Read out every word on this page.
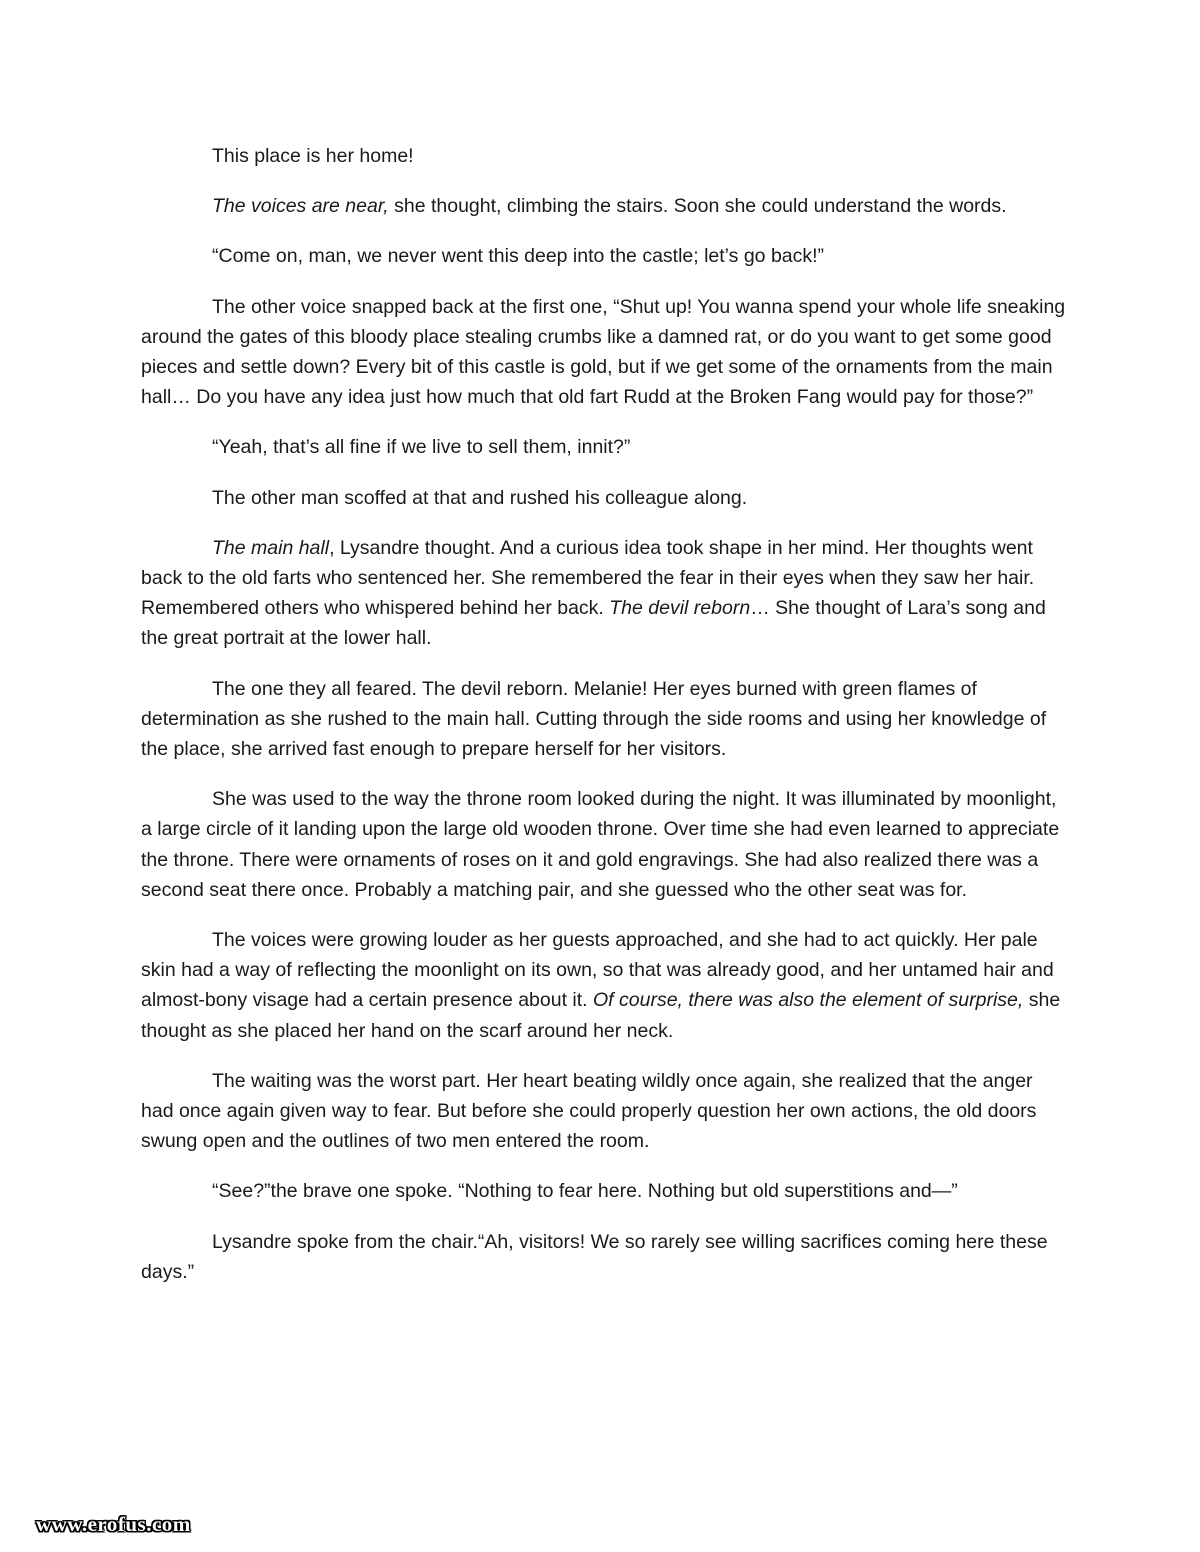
This place is her home!

The voices are near, she thought, climbing the stairs. Soon she could understand the words.

“Come on, man, we never went this deep into the castle; let’s go back!”

The other voice snapped back at the first one, “Shut up! You wanna spend your whole life sneaking around the gates of this bloody place stealing crumbs like a damned rat, or do you want to get some good pieces and settle down? Every bit of this castle is gold, but if we get some of the ornaments from the main hall… Do you have any idea just how much that old fart Rudd at the Broken Fang would pay for those?”

“Yeah, that’s all fine if we live to sell them, innit?”

The other man scoffed at that and rushed his colleague along.

The main hall, Lysandre thought. And a curious idea took shape in her mind. Her thoughts went back to the old farts who sentenced her. She remembered the fear in their eyes when they saw her hair. Remembered others who whispered behind her back. The devil reborn… She thought of Lara’s song and the great portrait at the lower hall.

The one they all feared. The devil reborn. Melanie! Her eyes burned with green flames of determination as she rushed to the main hall. Cutting through the side rooms and using her knowledge of the place, she arrived fast enough to prepare herself for her visitors.

She was used to the way the throne room looked during the night. It was illuminated by moonlight, a large circle of it landing upon the large old wooden throne. Over time she had even learned to appreciate the throne. There were ornaments of roses on it and gold engravings. She had also realized there was a second seat there once. Probably a matching pair, and she guessed who the other seat was for.

The voices were growing louder as her guests approached, and she had to act quickly. Her pale skin had a way of reflecting the moonlight on its own, so that was already good, and her untamed hair and almost-bony visage had a certain presence about it. Of course, there was also the element of surprise, she thought as she placed her hand on the scarf around her neck.

The waiting was the worst part. Her heart beating wildly once again, she realized that the anger had once again given way to fear. But before she could properly question her own actions, the old doors swung open and the outlines of two men entered the room.

“See?”the brave one spoke. “Nothing to fear here. Nothing but old superstitions and—”

Lysandre spoke from the chair.“Ah, visitors! We so rarely see willing sacrifices coming here these days.”

www.erofus.com
